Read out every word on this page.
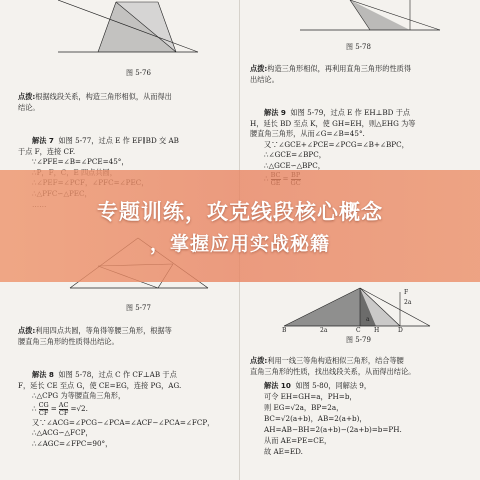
图 5-76
点拨:根据线段关系，构造三角形相似，从而得出
结论。
解法 7 如图 5-77，过点 E 作 EF∥BD 交 AB
于点 F，连接 CF.
∵∠PFE=∠B=∠PCE=45°，
图 5-77
点拨:利用四点共圆，等角得等腰三角形，根据等
腰直角三角形的性质得出结论。
解法 8 如图 5-78，过点 C 作 CF⊥AB 于点
F，延长 CE 至点 G，使 CE=EG，连接 PG，AG.
∴△CPG 为等腰直角三角形，
∴ $\frac{CG}{CF} = \frac{AC}{CF} =√2$.
又∵∠ACG=∠PCG−∠PCA=∠ACF−∠PCA=∠FCP，
∴△ACG∽△FCP，
∴∠AGC=∠FPC=90°，
图 5-78
点拨:构造三角形相似，再利用直角三角形的性质得
出结论。
解法 9 如图 5-79，过点 E 作 EH⊥BD 于点
H，延长 BD 至点 K，使 GH=EH，则△EHG 为等
腰直角三角形，从而∠G=∠B=45°.
又∵∠GCE+∠PCE=∠PCG=∠B+∠BPC，
∴∠GCE=∠BPC，
∴△GCE∽△BPC，
B	2a	C H	D
a
2a
F
图 5-79
点拨:利用一线三等角构造相似三角形，结合等腰
直角三角形的性质，找出线段关系，从而得出结论。
解法 10 如图 5-80，同解法 9，
可令 EH=GH=a，PH=b，
则 EG=√2a，BP=2a，
BC=√2(a+b)，AB=2(a+b)，
AH=AB−BH=2(a+b)−(2a+b)=b=PH.
从而 AE=PE=CE，
故 AE=ED.
专题训练，攻克线段核心概念
，掌握应用实战秘籍
